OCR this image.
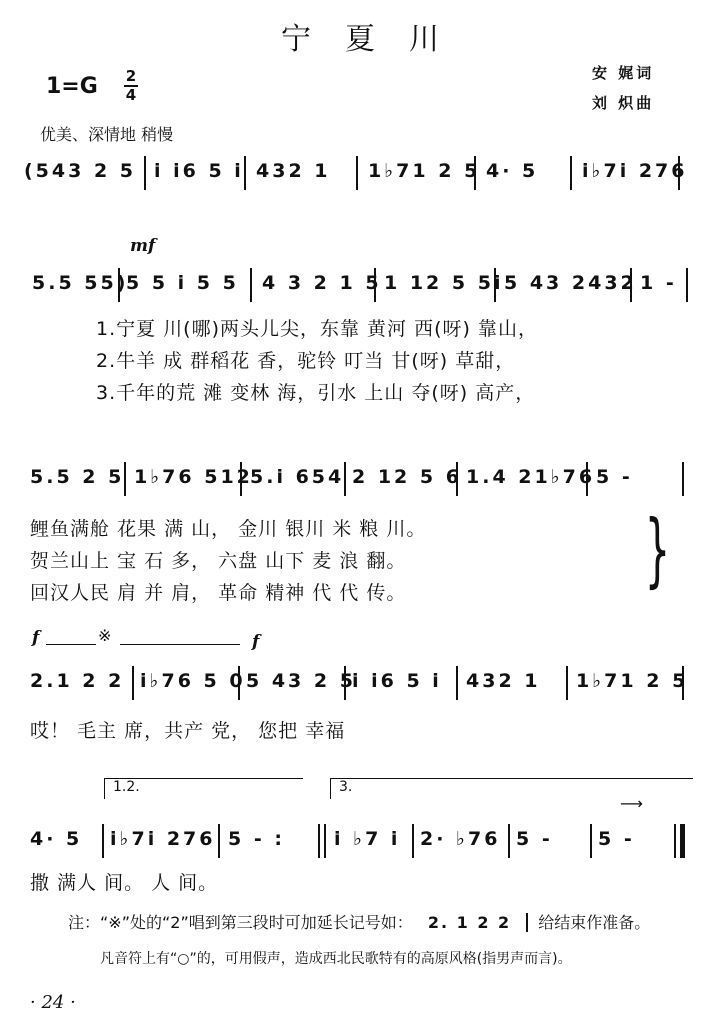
宁夏川
1=G 2
4
安 娓词
刘 炽曲
优美、深情地 稍慢
(543 2 5 i i6 5 i 432 1 1♭71 2 5 4· 5 i♭7i 276
mf
5.5 55)
5 5 i 5 5 4 3 2 1 5 1 12 5 5i 5 43 2432 1 -
1.宁夏 川(哪)两头儿尖，东靠 黄河 西(呀) 靠山，
2.牛羊 成 群稻花 香，驼铃 叮当 甘(呀) 草甜，
3.千年的荒 滩 变林 海，引水 上山 夺(呀) 高产，
5.5 2 5 1♭76 512
5.i 654 2 12 5 6 1.4 21♭76 5 -
鲤鱼满舱 花果 满 山， 金川 银川 米 粮 川。
贺兰山上 宝 石 多， 六盘 山下 麦 浪 翻。
回汉人民 肩 并 肩， 革命 精神 代 代 传。	}
f	※	f
2.1 2 2 i♭76 5 0 5 43 2 5
i i6 5 i 432 1 1♭71 2 5
哎！ 毛主 席，共产 党， 您把 幸福
1.2.	3.
⟶
4· 5 i♭7i 276 5 - :	i ♭7 i 2· ♭76 5 - 5 -
撒 满人 间。 人 间。
注：“※”处的“2”唱到第三段时可加延长记号如： 2. 1 2 2 给结束作准备。
凡音符上有“○”的，可用假声，造成西北民歌特有的高原风格(指男声而言)。
· 24 ·
